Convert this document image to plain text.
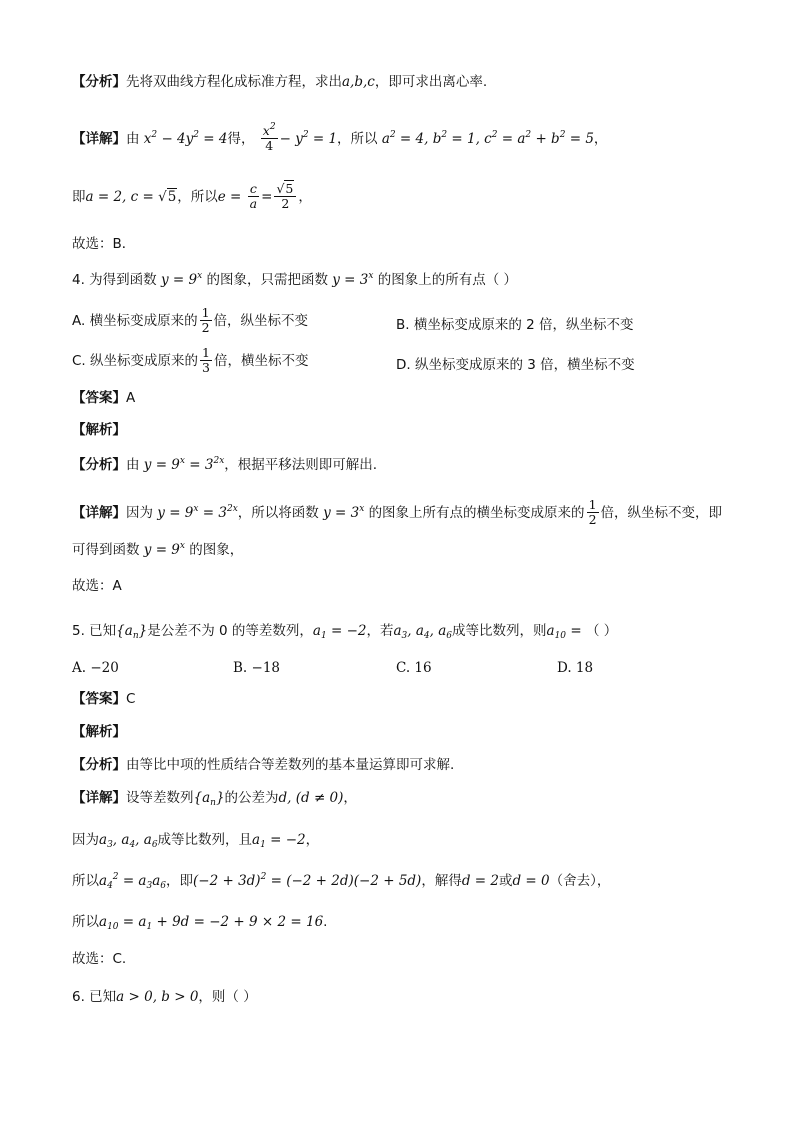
【分析】先将双曲线方程化成标准方程，求出a,b,c，即可求出离心率.
【详解】由 $x^2 - 4y^2 = 4$得， $\frac{x^2}{4} - y^2 = 1$，所以 $a^2 = 4$, $b^2 = 1$, $c^2 = a^2 + b^2 = 5$，
即a = 2, c = √5，所以$e = \frac{c}{a} = \frac{√5}{2}$ ，
故选：B．
4. 为得到函数 $y = 9^x$ 的图象，只需把函数 $y = 3^x$ 的图象上的所有点（ ）
A. 横坐标变成原来的 $\frac{1}{2}$ 倍，纵坐标不变	B. 横坐标变成原来的 2 倍，纵坐标不变
C. 纵坐标变成原来的 $\frac{1}{3}$ 倍，横坐标不变	D. 纵坐标变成原来的 3 倍，横坐标不变
【答案】A
【解析】
【分析】由 $y = 9^x = 3^{2x}$，根据平移法则即可解出.
【详解】因为 $y = 9^x = 3^{2x}$，所以将函数 $y = 3^x$ 的图象上所有点的横坐标变成原来的 $\frac{1}{2}$ 倍，纵坐标不变，即
可得到函数 $y = 9^x$ 的图象，
故选：A
5. 已知$\{a_n\}$是公差不为 0 的等差数列，$a_1 = -2$，若$a_3$, $a_4$, $a_6$成等比数列，则$a_{10}$ = （ ）
A. −20	B. −18	C. 16	D. 18
【答案】C
【解析】
【分析】由等比中项的性质结合等差数列的基本量运算即可求解.
【详解】设等差数列$\{a_n\}$的公差为d, (d ≠ 0)，
因为$a_3$, $a_4$, $a_6$成等比数列，且$a_1 = -2$，
所以$a_4^2 = a_3a_6$，即$(-2 + 3d)^2 = (-2 + 2d)(-2 + 5d)$，解得d = 2或d = 0（舍去），
所以$a_{10} = a_1 + 9d = -2 + 9 \times 2 = 16$.
故选：C.
6. 已知a > 0, b > 0，则（ ）
